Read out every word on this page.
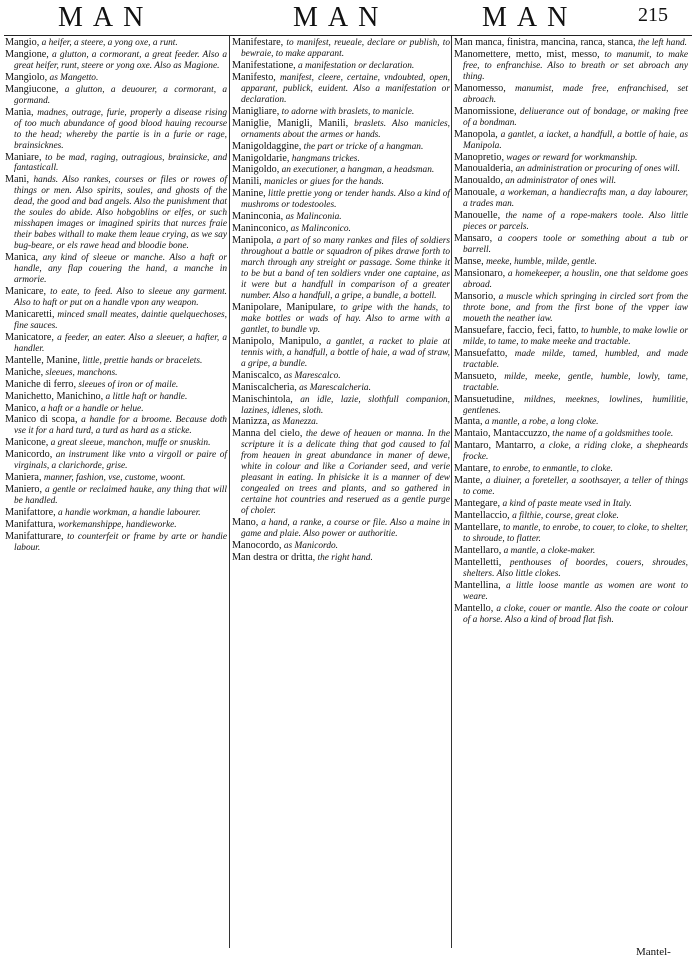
MAN	MAN	MAN	215

Mangio, a heifer, a steere, a yong oxe, a runt.

Mangione, a glutton, a cormorant, a great feeder. Also a great heifer, runt, steere or yong oxe. Also as Magione.

Mangiolo, as Mangetto.

Mangiucone, a glutton, a deuourer, a cormorant, a gormand.

Mania, madnes, outrage, furie, properly a disease rising of too much abundance of good blood hauing recourse to the head; whereby the partie is in a furie or rage, brainsicknes.

Maniare, to be mad, raging, outragious, brainsicke, and fantasticall.

Mani, hands. Also rankes, courses or files or rowes of things or men. Also spirits, soules, and ghosts of the dead, the good and bad angels. Also the punishment that the soules do abide. Also hobgoblins or elfes, or such misshapen images or imagined spirits that nurces fraie their babes withall to make them leaue crying, as we say bug-beare, or els rawe head and bloodie bone.

Manica, any kind of sleeue or manche. Also a haft or handle, any flap couering the hand, a manche in armorie.

Manicare, to eate, to feed. Also to sleeue any garment. Also to haft or put on a handle vpon any weapon.

Manicaretti, minced small meates, daintie quelquechoses, fine sauces.

Manicatore, a feeder, an eater. Also a sleeuer, a hafter, a handler.

Mantelle, Manine, little, prettie hands or bracelets.

Maniche, sleeues, manchons.

Maniche di ferro, sleeues of iron or of maile.

Manichetto, Manichino, a little haft or handle.

Manico, a haft or a handle or helue.

Manico di scopa, a handle for a broome. Because doth vse it for a hard turd, a turd as hard as a sticke.

Manicone, a great sleeue, manchon, muffe or snuskin.

Manicordo, an instrument like vnto a virgoll or paire of virginals, a clarichorde, grise.

Maniera, manner, fashion, vse, custome, woont.

Maniero, a gentle or reclaimed hauke, any thing that will be handled.

Manifattore, a handie workman, a handie labourer.

Manifattura, workemanshippe, handieworke.

Manifatturare, to counterfeit or frame by arte or handie labour.

Manifestare, to manifest, reueale, declare or publish, to bewraie, to make apparant.

Manifestatione, a manifestation or declaration.

Manifesto, manifest, cleere, certaine, vndoubted, open, apparant, publick, euident. Also a manifestation or declaration.

Manigliare, to adorne with braslets, to manicle.

Maniglie, Manigli, Manili, braslets. Also manicles, ornaments about the armes or hands.

Manigoldaggine, the part or tricke of a hangman.

Manigoldarie, hangmans trickes.

Manigoldo, an executioner, a hangman, a headsman.

Manili, manicles or giues for the hands.

Manine, little prettie yong or tender hands. Also a kind of mushroms or todestooles.

Maninconia, as Malinconia.

Maninconico, as Malinconico.

Manipola, a part of so many rankes and files of soldiers throughout a battle or squadron of pikes drawe forth to march through any streight or passage. Some thinke it to be but a band of ten soldiers vnder one captaine, as it were but a handfull in comparison of a greater number. Also a handfull, a gripe, a bundle, a bottell.

Manipolare, Manipulare, to gripe with the hands, to make bottles or wads of hay. Also to arme with a gantlet, to bundle vp.

Manipolo, Manipulo, a gantlet, a racket to plaie at tennis with, a handfull, a bottle of haie, a wad of straw, a gripe, a bundle.

Maniscalco, as Marescalco.

Maniscalcheria, as Marescalcheria.

Manischintola, an idle, lazie, slothfull companion, lazines, idlenes, sloth.

Manizza, as Manezza.

Manna del cielo, the dewe of heauen or manna. In the scripture it is a delicate thing that god caused to fal from heauen in great abundance in maner of dewe, white in colour and like a Coriander seed, and verie pleasant in eating. In phisicke it is a manner of dew congealed on trees and plants, and so gathered in certaine hot countries and reserued as a gentle purge of choler.

Mano, a hand, a ranke, a course or file. Also a maine in game and plaie. Also power or authoritie.

Manocordo, as Manicordo.

Man destra or dritta, the right hand.

Man manca, finistra, mancina, ranca, stanca, the left hand.

Manomettere, metto, mist, messo, to manumit, to make free, to enfranchise. Also to breath or set abroach any thing.

Manomesso, manumist, made free, enfranchised, set abroach.

Manomissione, deliuerance out of bondage, or making free of a bondman.

Manopola, a gantlet, a iacket, a handfull, a bottle of haie, as Manipola.

Manopretio, wages or reward for workmanship.

Manoualderia, an administration or procuring of ones will.

Manoualdo, an administrator of ones will.

Manouale, a workeman, a handiecrafts man, a day labourer, a trades man.

Manouelle, the name of a rope-makers toole. Also little pieces or parcels.

Mansaro, a coopers toole or something about a tub or barrell.

Manse, meeke, humble, milde, gentle.

Mansionaro, a homekeeper, a houslin, one that seldome goes abroad.

Mansorio, a muscle which springing in circled sort from the throte bone, and from the first bone of the vpper iaw moueth the neather iaw.

Mansuefare, faccio, feci, fatto, to humble, to make lowlie or milde, to tame, to make meeke and tractable.

Mansuefatto, made milde, tamed, humbled, and made tractable.

Mansueto, milde, meeke, gentle, humble, lowly, tame, tractable.

Mansuetudine, mildnes, meeknes, lowlines, humilitie, gentlenes.

Manta, a mantle, a robe, a long cloke.

Mantaio, Mantaccuzzo, the name of a goldsmithes toole.

Mantaro, Mantarro, a cloke, a riding cloke, a shepheards frocke.

Mantare, to enrobe, to enmantle, to cloke.

Mante, a diuiner, a foreteller, a soothsayer, a teller of things to come.

Mantegare, a kind of paste meate vsed in Italy.

Mantellaccio, a filthie, course, great cloke.

Mantellare, to mantle, to enrobe, to couer, to cloke, to shelter, to shroude, to flatter.

Mantellaro, a mantle, a cloke-maker.

Mantelletti, penthouses of boordes, couers, shroudes, shelters. Also little clokes.

Mantellina, a little loose mantle as women are wont to weare.

Mantello, a cloke, couer or mantle. Also the coate or colour of a horse. Also a kind of broad flat fish.

Mantel-
